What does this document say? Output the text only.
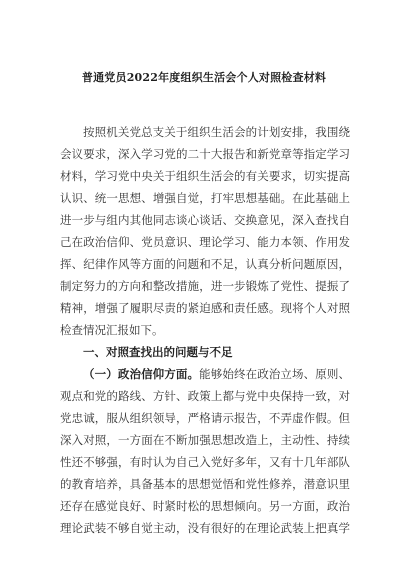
普通党员2022年度组织生活会个人对照检查材料
按照机关党总支关于组织生活会的计划安排，我围绕
会议要求，深入学习党的二十大报告和新党章等指定学习
材料，学习党中央关于组织生活会的有关要求，切实提高
认识、统一思想、增强自觉，打牢思想基础。在此基础上
进一步与组内其他同志谈心谈话、交换意见，深入查找自
己在政治信仰、党员意识、理论学习、能力本领、作用发
挥、纪律作风等方面的问题和不足，认真分析问题原因，
制定努力的方向和整改措施，进一步锻炼了党性、提振了
精神，增强了履职尽责的紧迫感和责任感。现将个人对照
检查情况汇报如下。
一、对照查找出的问题与不足
（一）政治信仰方面。能够始终在政治立场、原则、
观点和党的路线、方针、政策上都与党中央保持一致，对
党忠诚，服从组织领导，严格请示报告，不弄虚作假。但
深入对照，一方面在不断加强思想改造上，主动性、持续
性还不够强，有时认为自己入党好多年，又有十几年部队
的教育培养，具备基本的思想觉悟和党性修养，潜意识里
还存在感觉良好、时紧时松的思想倾向。另一方面，政治
理论武装不够自觉主动，没有很好的在理论武装上把真学
